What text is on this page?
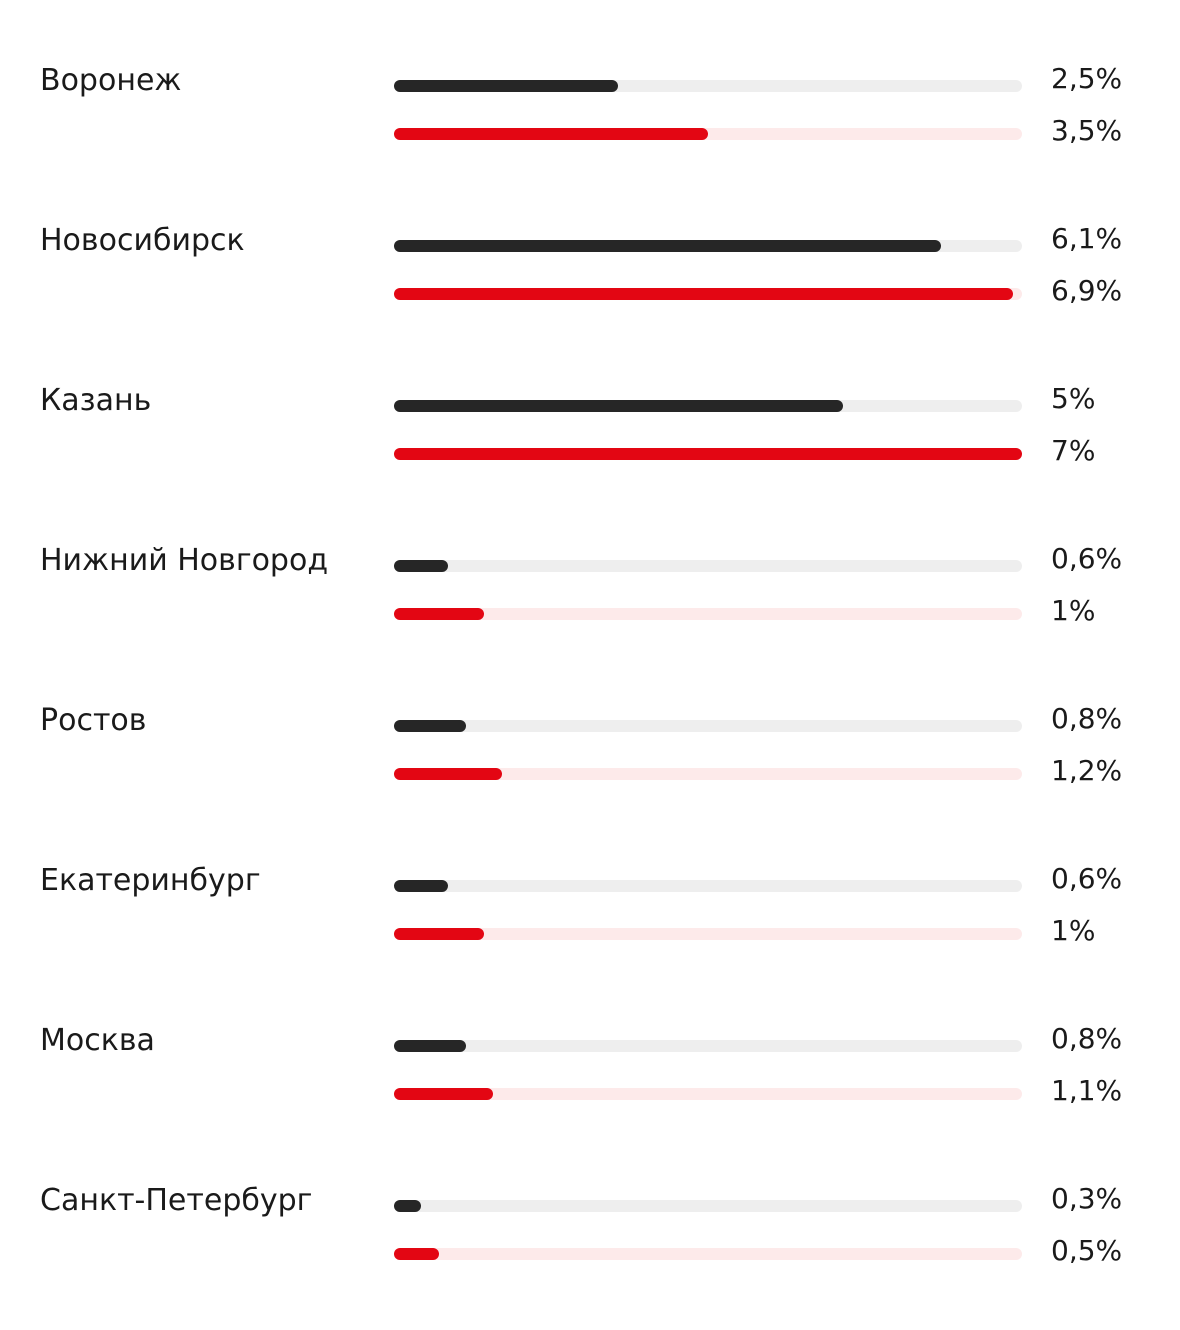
Воронеж	2,5%
3,5%
Новосибирск	6,1%
6,9%
Казань	5%
7%
Нижний Новгород	0,6%
1%
Ростов	0,8%
1,2%
Екатеринбург	0,6%
1%
Москва	0,8%
1,1%
Санкт-Петербург	0,3%
0,5%
